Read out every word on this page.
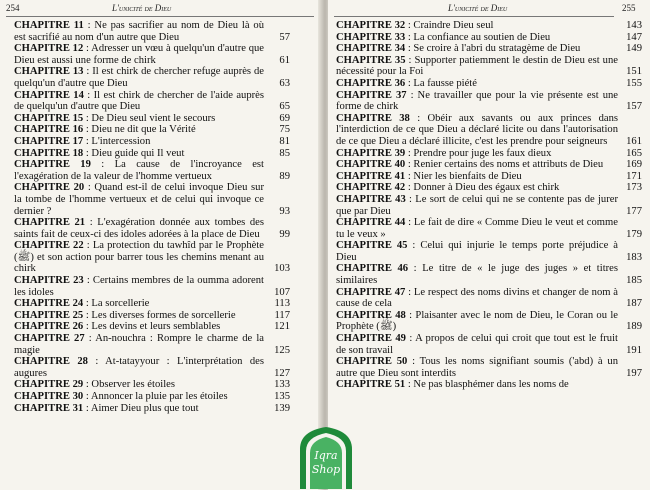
254	L'unicité de Dieu
CHAPITRE 11 : Ne pas sacrifier au nom de Dieu là où est sacrifié au nom d'un autre que Dieu	57
CHAPITRE 12 : Adresser un vœu à quelqu'un d'autre que Dieu est aussi une forme de chirk	61
CHAPITRE 13 : Il est chirk de chercher refuge auprès de quelqu'un d'autre que Dieu	63
CHAPITRE 14 : Il est chirk de chercher de l'aide auprès de quelqu'un d'autre que Dieu	65
CHAPITRE 15 : De Dieu seul vient le secours	69
CHAPITRE 16 : Dieu ne dit que la Vérité	75
CHAPITRE 17 : L'intercession	81
CHAPITRE 18 : Dieu guide qui Il veut	85
CHAPITRE 19 : La cause de l'incroyance est l'exagération de la valeur de l'homme vertueux	89
CHAPITRE 20 : Quand est-il de celui invoque Dieu sur la tombe de l'homme vertueux et de celui qui invoque ce dernier ?	93
CHAPITRE 21 : L'exagération donnée aux tombes des saints fait de ceux-ci des idoles adorées à la place de Dieu	99
CHAPITRE 22 : La protection du tawhîd par le Prophète (ﷺ) et son action pour barrer tous les chemins menant au chirk	103
CHAPITRE 23 : Certains membres de la oumma adorent les idoles	107
CHAPITRE 24 : La sorcellerie	113
CHAPITRE 25 : Les diverses formes de sorcellerie	117
CHAPITRE 26 : Les devins et leurs semblables	121
CHAPITRE 27 : An-nouchra : Rompre le charme de la magie	125
CHAPITRE 28 : At-tatayyour : L'interprétation des augures	127
CHAPITRE 29 : Observer les étoiles	133
CHAPITRE 30 : Annoncer la pluie par les étoiles	135
CHAPITRE 31 : Aimer Dieu plus que tout	139
L'unicité de Dieu	255
CHAPITRE 32 : Craindre Dieu seul	143
CHAPITRE 33 : La confiance au soutien de Dieu	147
CHAPITRE 34 : Se croire à l'abri du stratagème de Dieu	149
CHAPITRE 35 : Supporter patiemment le destin de Dieu est une nécessité pour la Foi	151
CHAPITRE 36 : La fausse piété	155
CHAPITRE 37 : Ne travailler que pour la vie présente est une forme de chirk	157
CHAPITRE 38 : Obéir aux savants ou aux princes dans l'interdiction de ce que Dieu a déclaré licite ou dans l'autorisation de ce que Dieu a déclaré illicite, c'est les prendre pour seigneurs	161
CHAPITRE 39 : Prendre pour juge les faux dieux	165
CHAPITRE 40 : Renier certains des noms et attributs de Dieu	169
CHAPITRE 41 : Nier les bienfaits de Dieu	171
CHAPITRE 42 : Donner à Dieu des égaux est chirk	173
CHAPITRE 43 : Le sort de celui qui ne se contente pas de jurer que par Dieu	177
CHAPITRE 44 : Le fait de dire « Comme Dieu le veut et comme tu le veux »	179
CHAPITRE 45 : Celui qui injurie le temps porte préjudice à Dieu	183
CHAPITRE 46 : Le titre de « le juge des juges » et titres similaires	185
CHAPITRE 47 : Le respect des noms divins et changer de nom à cause de cela	187
CHAPITRE 48 : Plaisanter avec le nom de Dieu, le Coran ou le Prophète (ﷺ)	189
CHAPITRE 49 : A propos de celui qui croit que tout est le fruit de son travail	191
CHAPITRE 50 : Tous les noms signifiant soumis ('abd) à un autre que Dieu sont interdits	197
CHAPITRE 51 : Ne pas blasphémer dans les noms de
Iqra
Shop
